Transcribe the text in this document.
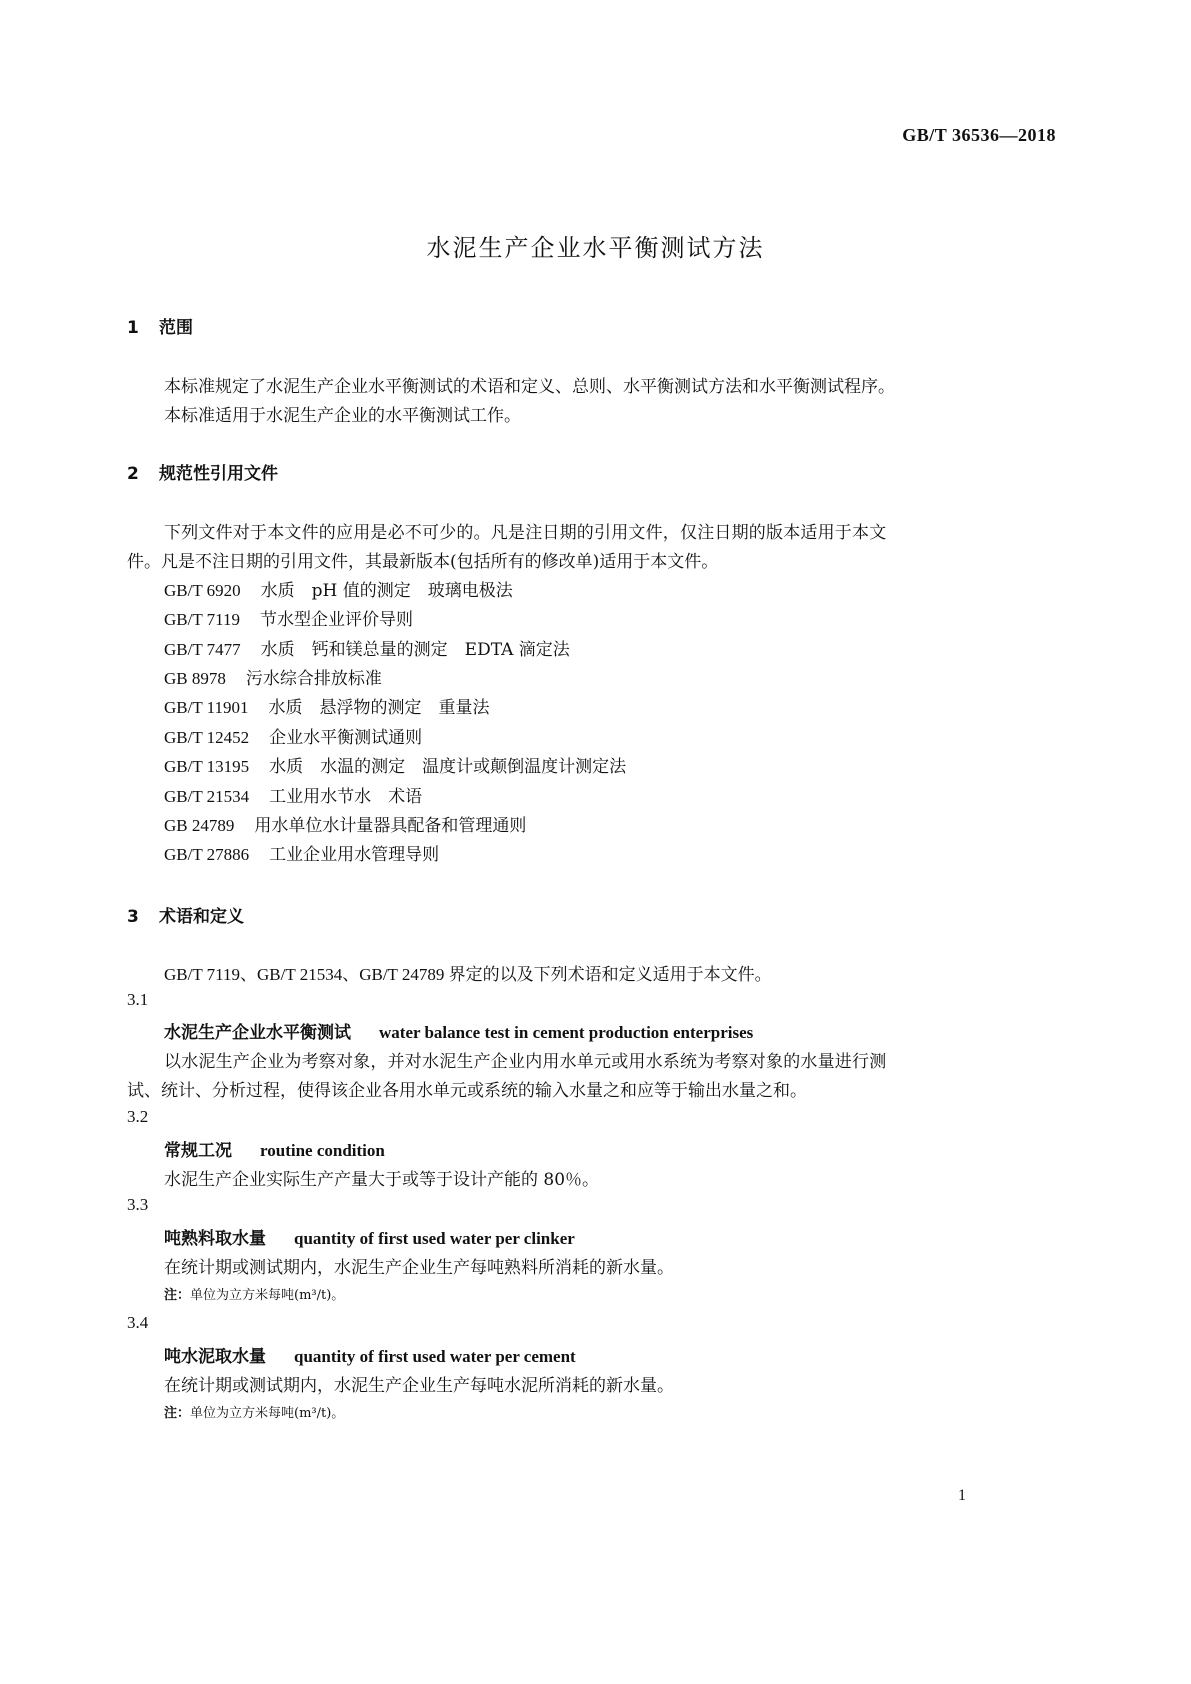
GB/T 36536—2018
水泥生产企业水平衡测试方法
1 范围
本标准规定了水泥生产企业水平衡测试的术语和定义、总则、水平衡测试方法和水平衡测试程序。
本标准适用于水泥生产企业的水平衡测试工作。
2 规范性引用文件
下列文件对于本文件的应用是必不可少的。凡是注日期的引用文件，仅注日期的版本适用于本文
件。凡是不注日期的引用文件，其最新版本(包括所有的修改单)适用于本文件。
GB/T 6920 水质　pH 值的测定　玻璃电极法
GB/T 7119 节水型企业评价导则
GB/T 7477 水质　钙和镁总量的测定　EDTA 滴定法
GB 8978 污水综合排放标准
GB/T 11901 水质　悬浮物的测定　重量法
GB/T 12452 企业水平衡测试通则
GB/T 13195 水质　水温的测定　温度计或颠倒温度计测定法
GB/T 21534 工业用水节水　术语
GB 24789 用水单位水计量器具配备和管理通则
GB/T 27886 工业企业用水管理导则
3 术语和定义
GB/T 7119、GB/T 21534、GB/T 24789 界定的以及下列术语和定义适用于本文件。
3.1
水泥生产企业水平衡测试 water balance test in cement production enterprises
以水泥生产企业为考察对象，并对水泥生产企业内用水单元或用水系统为考察对象的水量进行测
试、统计、分析过程，使得该企业各用水单元或系统的输入水量之和应等于输出水量之和。
3.2
常规工况 routine condition
水泥生产企业实际生产产量大于或等于设计产能的 80％。
3.3
吨熟料取水量 quantity of first used water per clinker
在统计期或测试期内，水泥生产企业生产每吨熟料所消耗的新水量。
注：单位为立方米每吨(m³/t)。
3.4
吨水泥取水量 quantity of first used water per cement
在统计期或测试期内，水泥生产企业生产每吨水泥所消耗的新水量。
注：单位为立方米每吨(m³/t)。
1
